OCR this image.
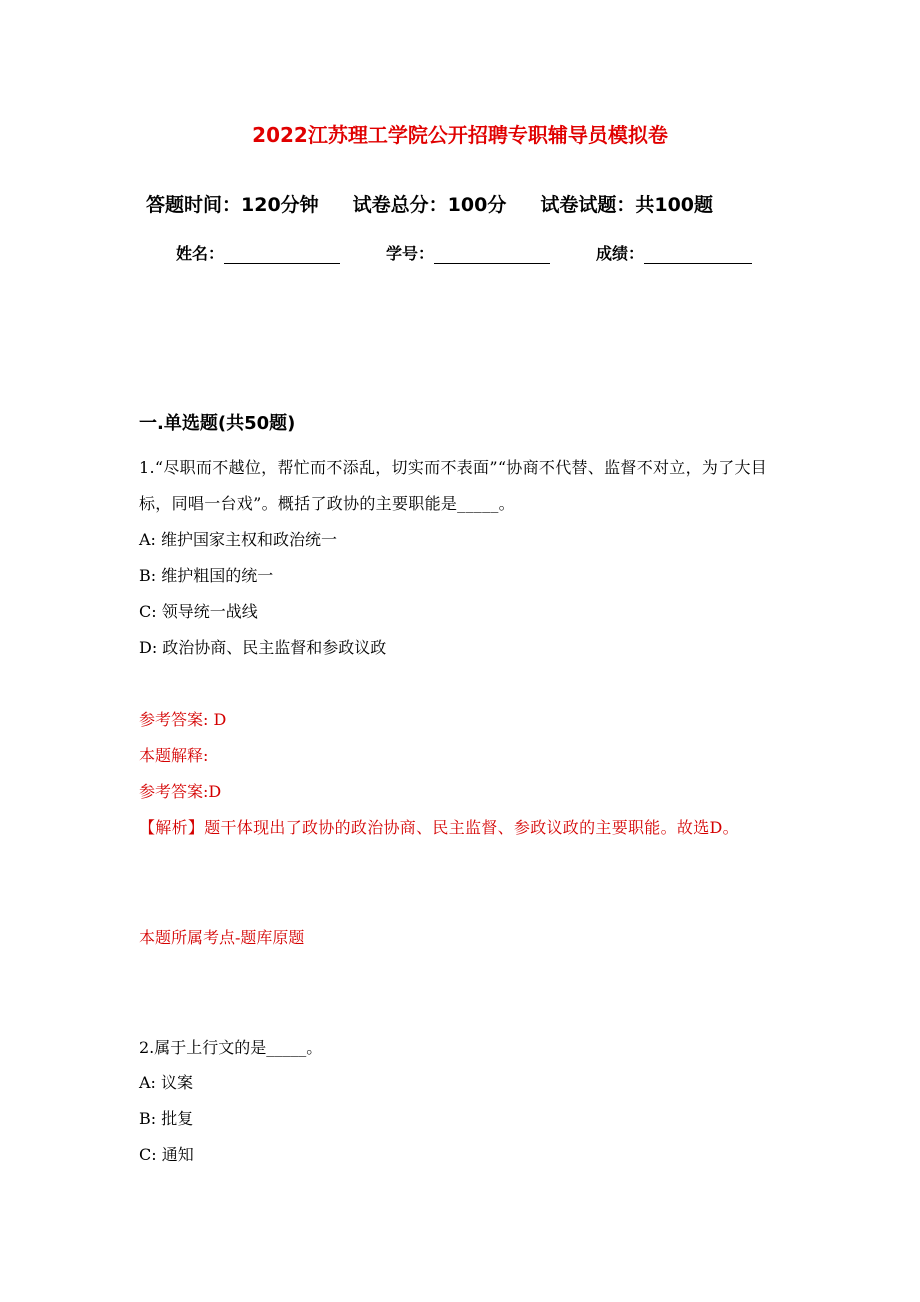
2022江苏理工学院公开招聘专职辅导员模拟卷
答题时间：120分钟 试卷总分：100分 试卷试题：共100题
姓名：	学号：	成绩：
一.单选题(共50题)
1.“尽职而不越位，帮忙而不添乱，切实而不表面”“协商不代替、监督不对立，为了大目标，同唱一台戏”。概括了政协的主要职能是_____。
A: 维护国家主权和政治统一
B: 维护粗国的统一
C: 领导统一战线
D: 政治协商、民主监督和参政议政
参考答案: D
本题解释:
参考答案:D
【解析】题干体现出了政协的政治协商、民主监督、参政议政的主要职能。故选D。
本题所属考点-题库原题
2.属于上行文的是_____。
A: 议案
B: 批复
C: 通知
